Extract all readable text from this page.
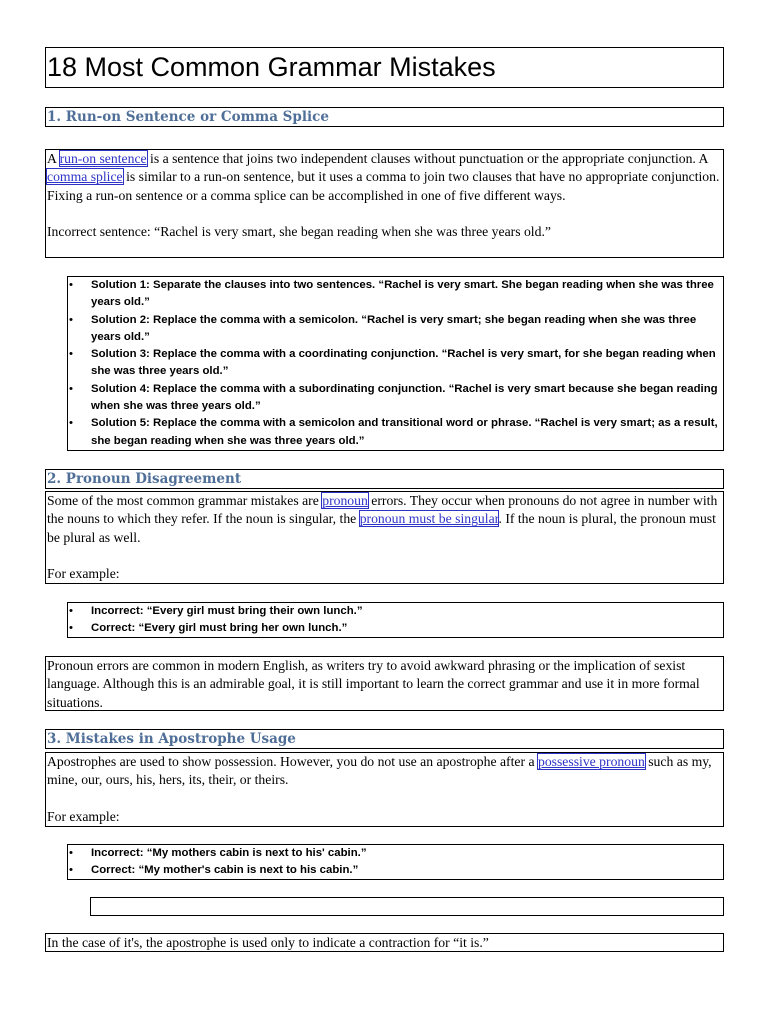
18 Most Common Grammar Mistakes
1. Run-on Sentence or Comma Splice

A run-on sentence is a sentence that joins two independent clauses without punctuation or the appropriate conjunction. A comma splice is similar to a run-on sentence, but it uses a comma to join two clauses that have no appropriate conjunction. Fixing a run-on sentence or a comma splice can be accomplished in one of five different ways.

Incorrect sentence: “Rachel is very smart, she began reading when she was three years old.”

• Solution 1: Separate the clauses into two sentences. “Rachel is very smart. She began reading when she was three years old.”
• Solution 2: Replace the comma with a semicolon. “Rachel is very smart; she began reading when she was three years old.”
• Solution 3: Replace the comma with a coordinating conjunction. “Rachel is very smart, for she began reading when she was three years old.”
• Solution 4: Replace the comma with a subordinating conjunction. “Rachel is very smart because she began reading when she was three years old.”
• Solution 5: Replace the comma with a semicolon and transitional word or phrase. “Rachel is very smart; as a result, she began reading when she was three years old.”
2. Pronoun Disagreement

Some of the most common grammar mistakes are pronoun errors. They occur when pronouns do not agree in number with the nouns to which they refer. If the noun is singular, the pronoun must be singular. If the noun is plural, the pronoun must be plural as well.

For example:

• Incorrect: “Every girl must bring their own lunch.”
• Correct: “Every girl must bring her own lunch.”

Pronoun errors are common in modern English, as writers try to avoid awkward phrasing or the implication of sexist language. Although this is an admirable goal, it is still important to learn the correct grammar and use it in more formal situations.

3. Mistakes in Apostrophe Usage

Apostrophes are used to show possession. However, you do not use an apostrophe after a possessive pronoun such as my, mine, our, ours, his, hers, its, their, or theirs.

For example:

• Incorrect: “My mothers cabin is next to his' cabin.”
• Correct: “My mother's cabin is next to his cabin.”

In the case of it's, the apostrophe is used only to indicate a contraction for “it is.”
